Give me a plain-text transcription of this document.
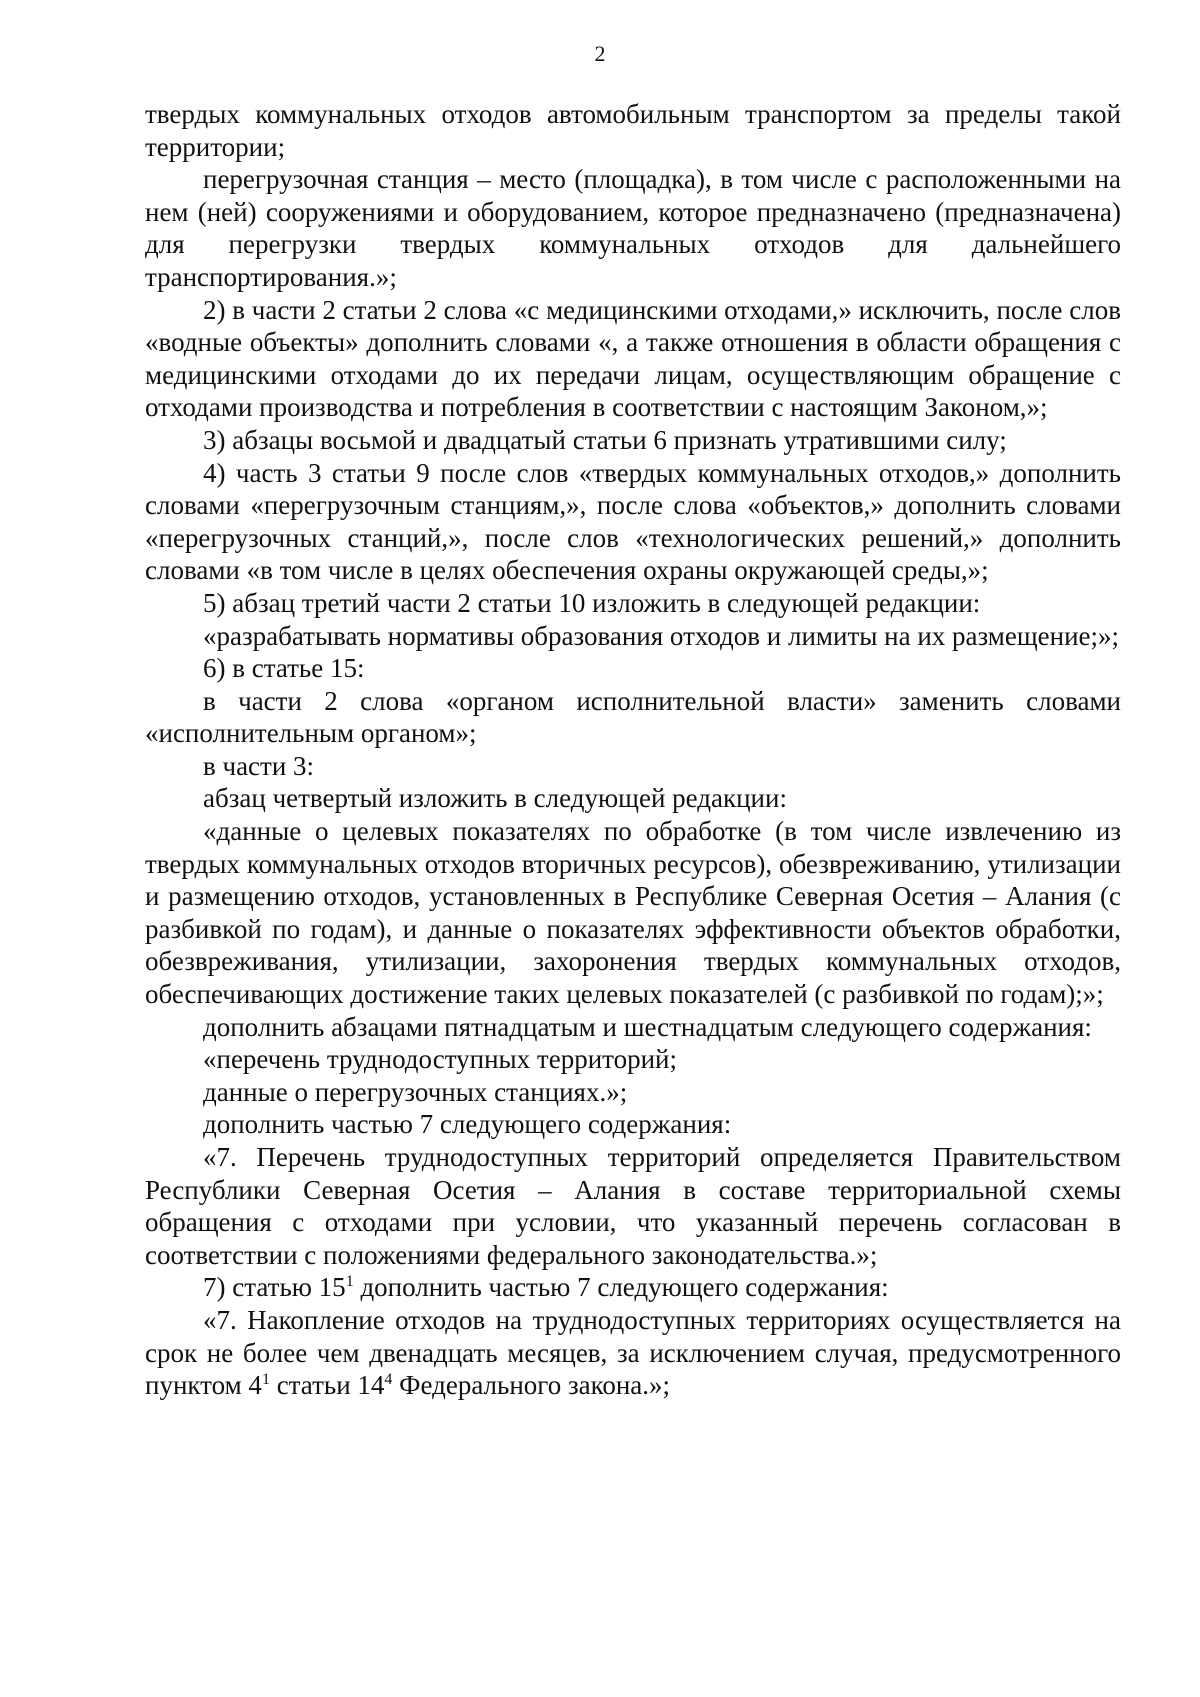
2

твердых коммунальных отходов автомобильным транспортом за пределы такой территории;

перегрузочная станция – место (площадка), в том числе с расположенными на нем (ней) сооружениями и оборудованием, которое предназначено (предназначена) для перегрузки твердых коммунальных отходов для дальнейшего транспортирования.»;

2) в части 2 статьи 2 слова «с медицинскими отходами,» исключить, после слов «водные объекты» дополнить словами «, а также отношения в области обращения с медицинскими отходами до их передачи лицам, осуществляющим обращение с отходами производства и потребления в соответствии с настоящим Законом,»;

3) абзацы восьмой и двадцатый статьи 6 признать утратившими силу;

4) часть 3 статьи 9 после слов «твердых коммунальных отходов,» дополнить словами «перегрузочным станциям,», после слова «объектов,» дополнить словами «перегрузочных станций,», после слов «технологических решений,» дополнить словами «в том числе в целях обеспечения охраны окружающей среды,»;

5) абзац третий части 2 статьи 10 изложить в следующей редакции:

«разрабатывать нормативы образования отходов и лимиты на их размещение;»;

6) в статье 15:

в части 2 слова «органом исполнительной власти» заменить словами «исполнительным органом»;

в части 3:

абзац четвертый изложить в следующей редакции:

«данные о целевых показателях по обработке (в том числе извлечению из твердых коммунальных отходов вторичных ресурсов), обезвреживанию, утилизации и размещению отходов, установленных в Республике Северная Осетия – Алания (с разбивкой по годам), и данные о показателях эффективности объектов обработки, обезвреживания, утилизации, захоронения твердых коммунальных отходов, обеспечивающих достижение таких целевых показателей (с разбивкой по годам);»;

дополнить абзацами пятнадцатым и шестнадцатым следующего содержания:

«перечень труднодоступных территорий;

данные о перегрузочных станциях.»;

дополнить частью 7 следующего содержания:

«7. Перечень труднодоступных территорий определяется Правительством Республики Северная Осетия – Алания в составе территориальной схемы обращения с отходами при условии, что указанный перечень согласован в соответствии с положениями федерального законодательства.»;

7) статью $15^1$ дополнить частью 7 следующего содержания:

«7. Накопление отходов на труднодоступных территориях осуществляется на срок не более чем двенадцать месяцев, за исключением случая, предусмотренного пунктом $4^1$ статьи $14^4$ Федерального закона.»;
